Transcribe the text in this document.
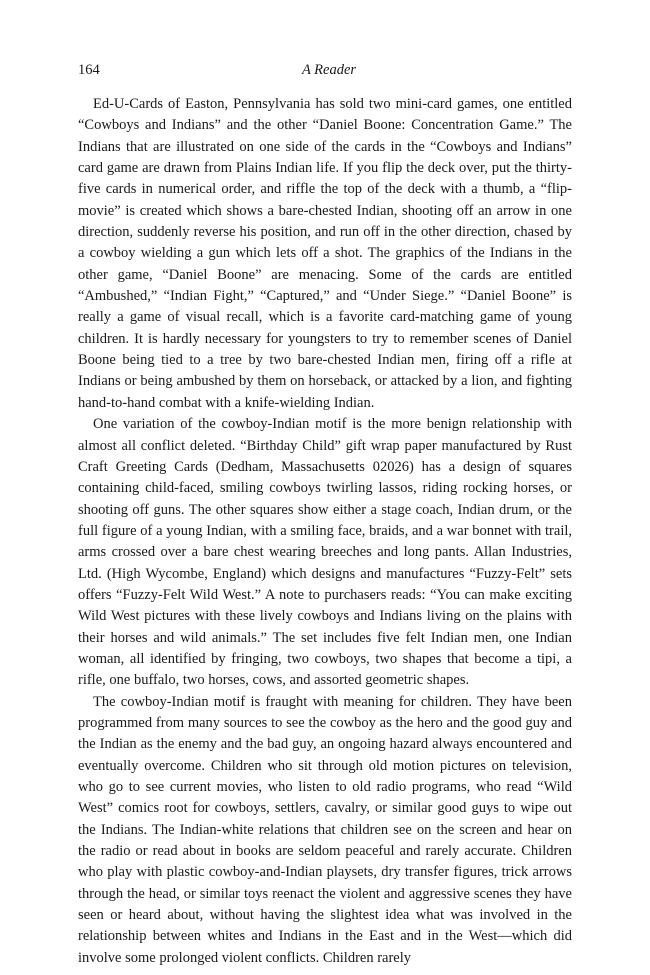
164	A Reader

Ed-U-Cards of Easton, Pennsylvania has sold two mini-card games, one entitled “Cowboys and Indians” and the other “Daniel Boone: Concentration Game.” The Indians that are illustrated on one side of the cards in the “Cowboys and Indians” card game are drawn from Plains Indian life. If you flip the deck over, put the thirty-five cards in numerical order, and riffle the top of the deck with a thumb, a “flip-movie” is created which shows a bare-chested Indian, shooting off an arrow in one direction, suddenly reverse his position, and run off in the other direction, chased by a cowboy wielding a gun which lets off a shot. The graphics of the Indians in the other game, “Daniel Boone” are menacing. Some of the cards are entitled “Ambushed,” “Indian Fight,” “Captured,” and “Under Siege.” “Daniel Boone” is really a game of visual recall, which is a favorite card-matching game of young children. It is hardly necessary for youngsters to try to remember scenes of Daniel Boone being tied to a tree by two bare-chested Indian men, firing off a rifle at Indians or being ambushed by them on horseback, or attacked by a lion, and fighting hand-to-hand combat with a knife-wielding Indian.

One variation of the cowboy-Indian motif is the more benign relationship with almost all conflict deleted. “Birthday Child” gift wrap paper manufactured by Rust Craft Greeting Cards (Dedham, Massachusetts 02026) has a design of squares containing child-faced, smiling cowboys twirling lassos, riding rocking horses, or shooting off guns. The other squares show either a stage coach, Indian drum, or the full figure of a young Indian, with a smiling face, braids, and a war bonnet with trail, arms crossed over a bare chest wearing breeches and long pants. Allan Industries, Ltd. (High Wycombe, England) which designs and manufactures “Fuzzy-Felt” sets offers “Fuzzy-Felt Wild West.” A note to purchasers reads: “You can make exciting Wild West pictures with these lively cowboys and Indians living on the plains with their horses and wild animals.” The set includes five felt Indian men, one Indian woman, all identified by fringing, two cowboys, two shapes that become a tipi, a rifle, one buffalo, two horses, cows, and assorted geometric shapes.

The cowboy-Indian motif is fraught with meaning for children. They have been programmed from many sources to see the cowboy as the hero and the good guy and the Indian as the enemy and the bad guy, an ongoing hazard always encountered and eventually overcome. Children who sit through old motion pictures on television, who go to see current movies, who listen to old radio programs, who read “Wild West” comics root for cowboys, settlers, cavalry, or similar good guys to wipe out the Indians. The Indian-white relations that children see on the screen and hear on the radio or read about in books are seldom peaceful and rarely accurate. Children who play with plastic cowboy-and-Indian playsets, dry transfer figures, trick arrows through the head, or similar toys reenact the violent and aggressive scenes they have seen or heard about, without having the slightest idea what was involved in the relationship between whites and Indians in the East and in the West—which did involve some prolonged violent conflicts. Children rarely
